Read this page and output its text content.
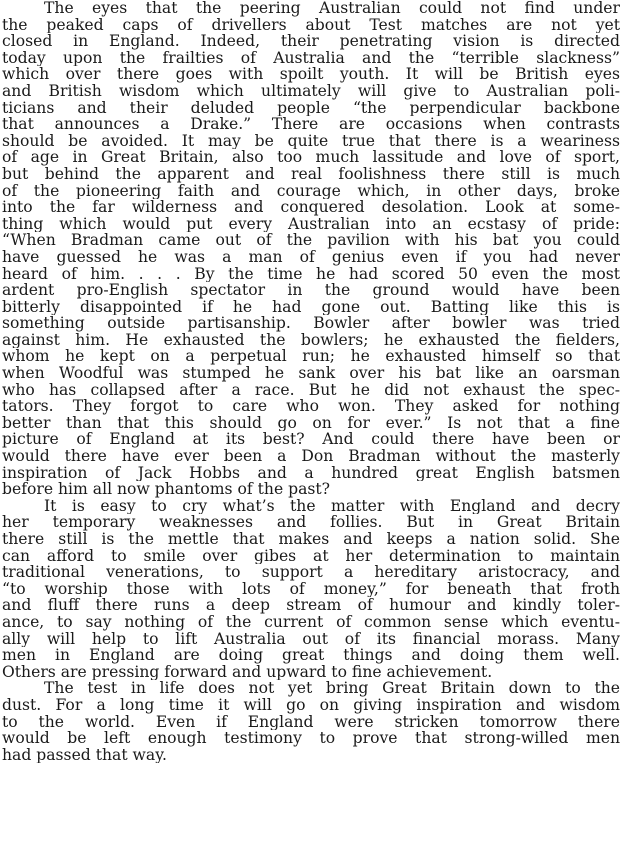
The eyes that the peering Australian could not find under
the peaked caps of drivellers about Test matches are not yet
closed in England. Indeed, their penetrating vision is directed
today upon the frailties of Australia and the “terrible slackness”
which over there goes with spoilt youth. It will be British eyes
and British wisdom which ultimately will give to Australian poli-
ticians and their deluded people “the perpendicular backbone
that announces a Drake.” There are occasions when contrasts
should be avoided. It may be quite true that there is a weariness
of age in Great Britain, also too much lassitude and love of sport,
but behind the apparent and real foolishness there still is much
of the pioneering faith and courage which, in other days, broke
into the far wilderness and conquered desolation. Look at some-
thing which would put every Australian into an ecstasy of pride:
“When Bradman came out of the pavilion with his bat you could
have guessed he was a man of genius even if you had never
heard of him. . . . By the time he had scored 50 even the most
ardent pro-English spectator in the ground would have been
bitterly disappointed if he had gone out. Batting like this is
something outside partisanship. Bowler after bowler was tried
against him. He exhausted the bowlers; he exhausted the fielders,
whom he kept on a perpetual run; he exhausted himself so that
when Woodful was stumped he sank over his bat like an oarsman
who has collapsed after a race. But he did not exhaust the spec-
tators. They forgot to care who won. They asked for nothing
better than that this should go on for ever.” Is not that a fine
picture of England at its best? And could there have been or
would there have ever been a Don Bradman without the masterly
inspiration of Jack Hobbs and a hundred great English batsmen
before him all now phantoms of the past?
It is easy to cry what’s the matter with England and decry
her temporary weaknesses and follies. But in Great Britain
there still is the mettle that makes and keeps a nation solid. She
can afford to smile over gibes at her determination to maintain
traditional venerations, to support a hereditary aristocracy, and
“to worship those with lots of money,” for beneath that froth
and fluff there runs a deep stream of humour and kindly toler-
ance, to say nothing of the current of common sense which eventu-
ally will help to lift Australia out of its financial morass. Many
men in England are doing great things and doing them well.
Others are pressing forward and upward to fine achievement.
The test in life does not yet bring Great Britain down to the
dust. For a long time it will go on giving inspiration and wisdom
to the world. Even if England were stricken tomorrow there
would be left enough testimony to prove that strong-willed men
had passed that way.
